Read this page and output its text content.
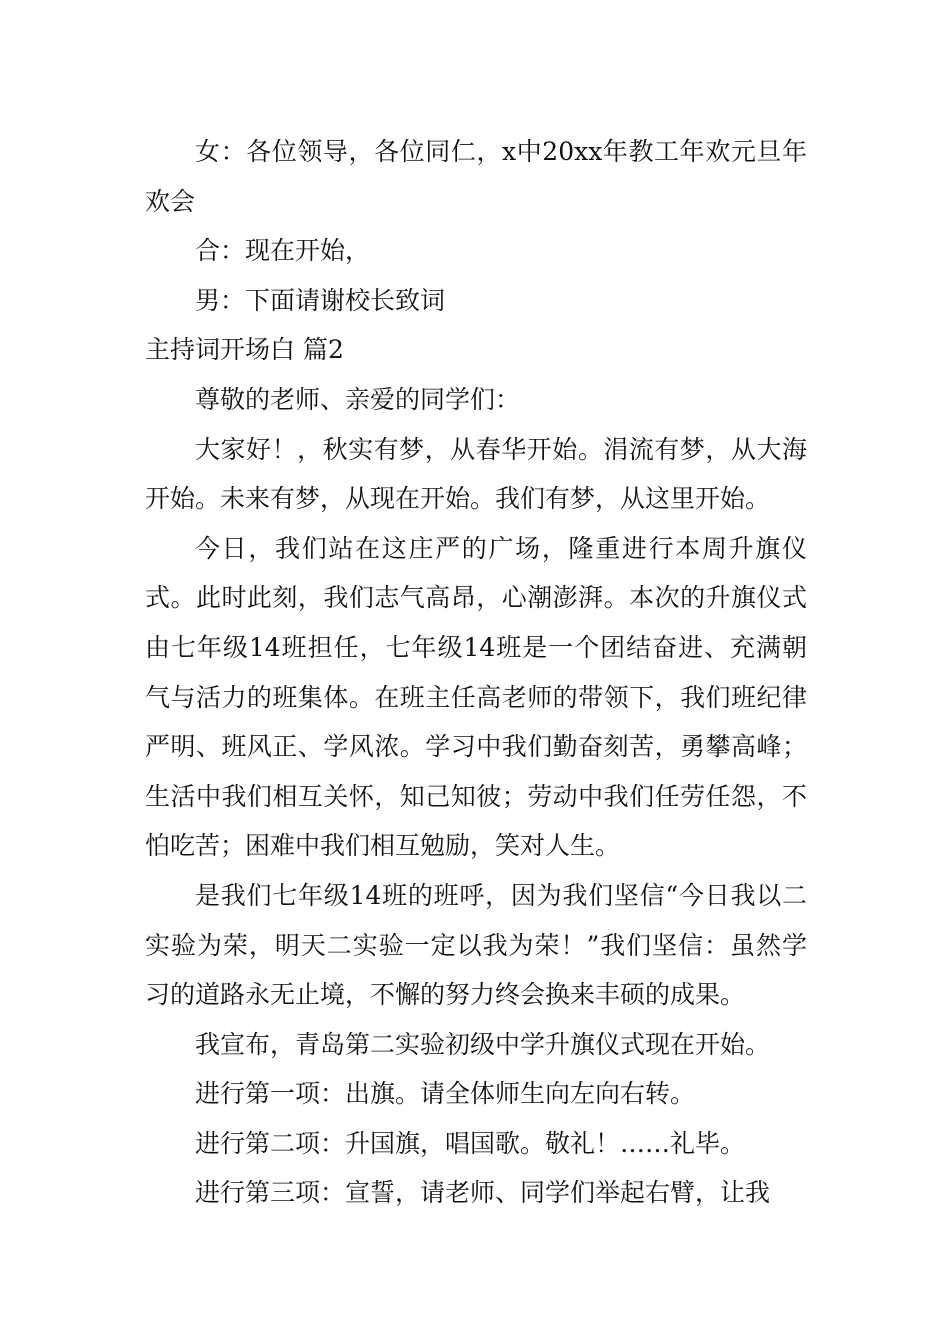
女：各位领导，各位同仁，x中20xx年教工年欢元旦年欢会

合：现在开始，

男：下面请谢校长致词

主持词开场白 篇2

尊敬的老师、亲爱的同学们：

大家好！，秋实有梦，从春华开始。涓流有梦，从大海开始。未来有梦，从现在开始。我们有梦，从这里开始。

今日，我们站在这庄严的广场，隆重进行本周升旗仪式。此时此刻，我们志气高昂，心潮澎湃。本次的升旗仪式由七年级14班担任，七年级14班是一个团结奋进、充满朝气与活力的班集体。在班主任高老师的带领下，我们班纪律严明、班风正、学风浓。学习中我们勤奋刻苦，勇攀高峰；生活中我们相互关怀，知己知彼；劳动中我们任劳任怨，不怕吃苦；困难中我们相互勉励，笑对人生。

是我们七年级14班的班呼，因为我们坚信“今日我以二实验为荣，明天二实验一定以我为荣！”我们坚信：虽然学习的道路永无止境，不懈的努力终会换来丰硕的成果。

我宣布，青岛第二实验初级中学升旗仪式现在开始。

进行第一项：出旗。请全体师生向左向右转。

进行第二项：升国旗，唱国歌。敬礼！……礼毕。

进行第三项：宣誓，请老师、同学们举起右臂，让我
